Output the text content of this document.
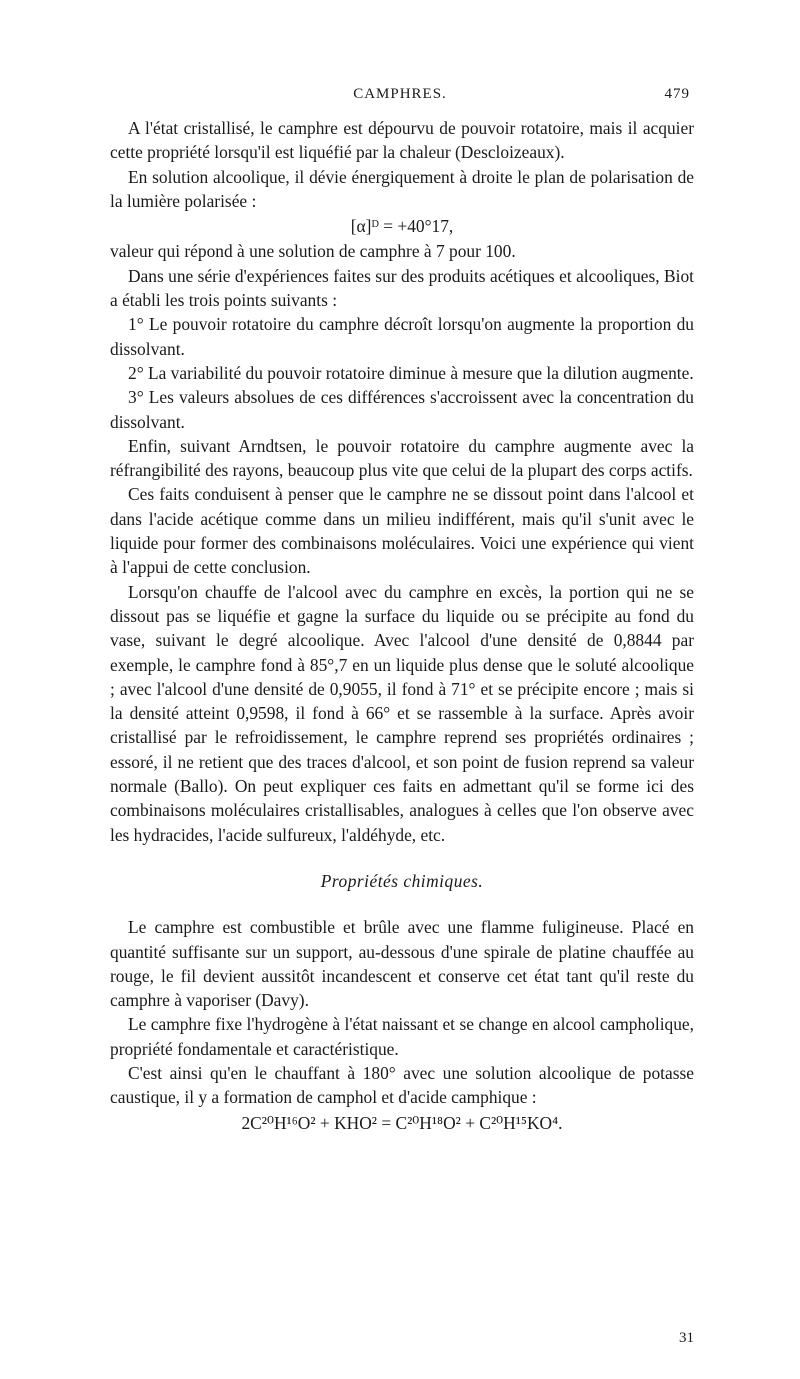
CAMPHRES.	479

A l'état cristallisé, le camphre est dépourvu de pouvoir rotatoire, mais il acquier cette propriété lorsqu'il est liquéfié par la chaleur (Descloizeaux).

En solution alcoolique, il dévie énergiquement à droite le plan de polarisation de la lumière polarisée :

[α]ᴰ = +40°17,

valeur qui répond à une solution de camphre à 7 pour 100.

Dans une série d'expériences faites sur des produits acétiques et alcooliques, Biot a établi les trois points suivants :

1° Le pouvoir rotatoire du camphre décroît lorsqu'on augmente la proportion du dissolvant.

2° La variabilité du pouvoir rotatoire diminue à mesure que la dilution augmente.

3° Les valeurs absolues de ces différences s'accroissent avec la concentration du dissolvant.

Enfin, suivant Arndtsen, le pouvoir rotatoire du camphre augmente avec la réfrangibilité des rayons, beaucoup plus vite que celui de la plupart des corps actifs.

Ces faits conduisent à penser que le camphre ne se dissout point dans l'alcool et dans l'acide acétique comme dans un milieu indifférent, mais qu'il s'unit avec le liquide pour former des combinaisons moléculaires. Voici une expérience qui vient à l'appui de cette conclusion.

Lorsqu'on chauffe de l'alcool avec du camphre en excès, la portion qui ne se dissout pas se liquéfie et gagne la surface du liquide ou se précipite au fond du vase, suivant le degré alcoolique. Avec l'alcool d'une densité de 0,8844 par exemple, le camphre fond à 85°,7 en un liquide plus dense que le soluté alcoolique ; avec l'alcool d'une densité de 0,9055, il fond à 71° et se précipite encore ; mais si la densité atteint 0,9598, il fond à 66° et se rassemble à la surface. Après avoir cristallisé par le refroidissement, le camphre reprend ses propriétés ordinaires ; essoré, il ne retient que des traces d'alcool, et son point de fusion reprend sa valeur normale (Ballo). On peut expliquer ces faits en admettant qu'il se forme ici des combinaisons moléculaires cristallisables, analogues à celles que l'on observe avec les hydracides, l'acide sulfureux, l'aldéhyde, etc.

Propriétés chimiques.

Le camphre est combustible et brûle avec une flamme fuligineuse. Placé en quantité suffisante sur un support, au-dessous d'une spirale de platine chauffée au rouge, le fil devient aussitôt incandescent et conserve cet état tant qu'il reste du camphre à vaporiser (Davy).

Le camphre fixe l'hydrogène à l'état naissant et se change en alcool campholique, propriété fondamentale et caractéristique.

C'est ainsi qu'en le chauffant à 180° avec une solution alcoolique de potasse caustique, il y a formation de camphol et d'acide camphique :

2C²⁰H¹⁶O² + KHO² = C²⁰H¹⁸O² + C²⁰H¹⁵KO⁴.
31
